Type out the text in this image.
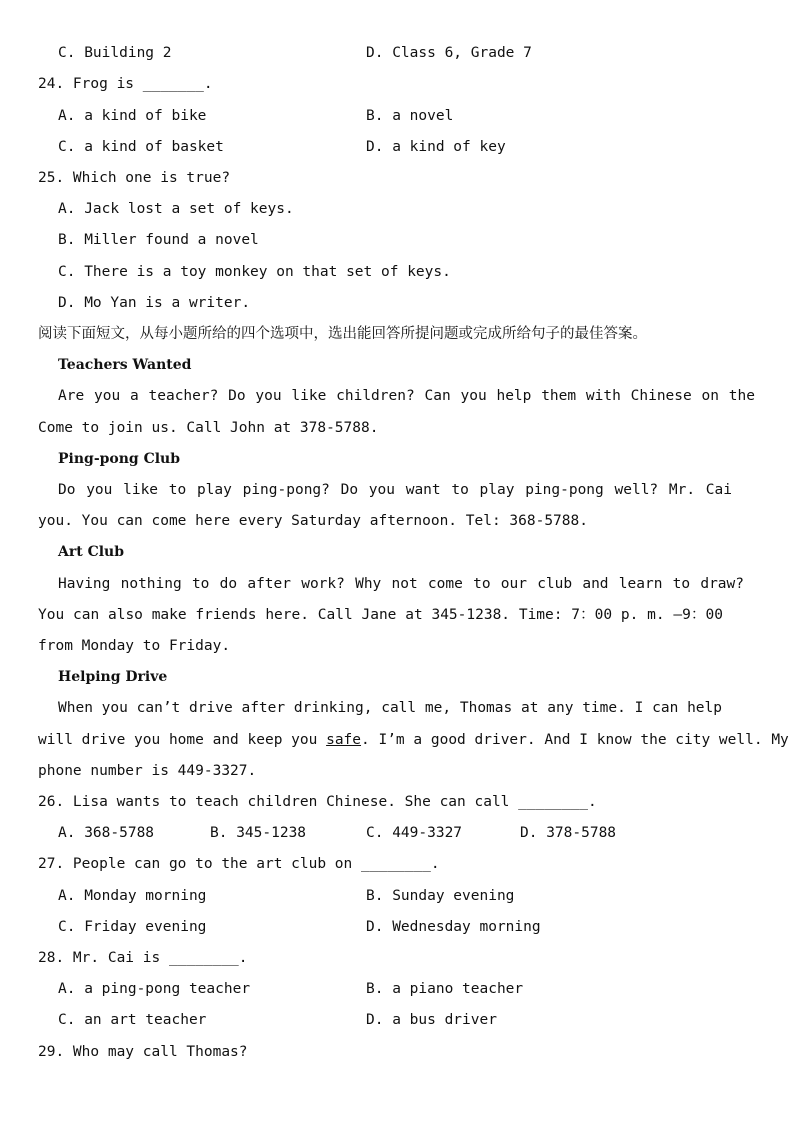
C. Building 2	D. Class 6, Grade 7
24. Frog is _______.
A. a kind of bike	B. a novel
C. a kind of basket	D. a kind of key
25. Which one is true?
A. Jack lost a set of keys.
B. Miller found a novel
C. There is a toy monkey on that set of keys.
D. Mo Yan is a writer.
阅读下面短文，从每小题所给的四个选项中，选出能回答所提问题或完成所给句子的最佳答案。
Teachers Wanted
Are you a teacher? Do you like children? Can you help them with Chinese on the
Come to join us. Call John at 378-5788.
Ping-pong Club
Do you like to play ping-pong? Do you want to play ping-pong well? Mr. Cai
you. You can come here every Saturday afternoon. Tel: 368-5788.
Art Club
Having nothing to do after work? Why not come to our club and learn to draw?
You can also make friends here. Call Jane at 345-1238. Time: 7：00 p. m. —9：00
from Monday to Friday.
Helping Drive
When you can’t drive after drinking, call me, Thomas at any time. I can help
will drive you home and keep you safe. I’m a good driver. And I know the city well. My
phone number is 449-3327.
26. Lisa wants to teach children Chinese. She can call ________.
A. 368-5788	B. 345-1238	C. 449-3327	D. 378-5788
27. People can go to the art club on ________.
A. Monday morning	B. Sunday evening
C. Friday evening	D. Wednesday morning
28. Mr. Cai is ________.
A. a ping-pong teacher	B. a piano teacher
C. an art teacher	D. a bus driver
29. Who may call Thomas?
